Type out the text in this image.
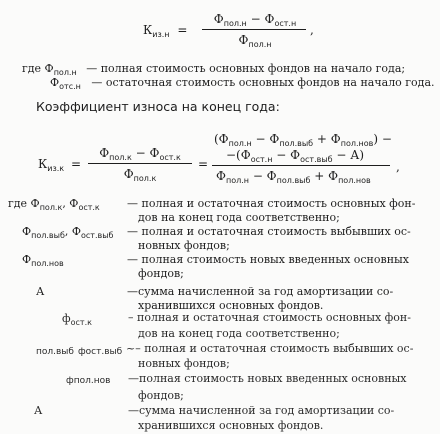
$К_{из.н}$ =
$Ф_{пол.н} - Ф_{ост.н}$
$Ф_{пол.н}$
,
где $Ф_{пол.н}$ — полная стоимость основных фондов на начало года;
$Ф_{отс.н}$ — остаточная стоимость основных фондов на начало года.
Коэффициент износа на конец года:
$К_{из.к}$ =
$Ф_{пол.к} - Ф_{ост.к}$
$Ф_{пол.к}$
=
$(Ф_{пол.н} - Ф_{пол.выб} + Ф_{пол.нов})$ −
$-(Ф_{ост.н} - Ф_{ост.выб} - А)$
$Ф_{пол.н} - Ф_{пол.выб} + Ф_{пол.нов}$
,
где $Ф_{пол.к}$, $Ф_{ост.к}$ — полная и остаточная стоимость основных фон-
дов на конец года соответственно;
$Ф_{пол.выб}$, $Ф_{ост.выб}$ — полная и остаточная стоимость выбывших ос-
новных фондов;
$Ф_{пол.нов}$	— полная стоимость новых введенных основных
фондов;
А	—сумма начисленной за год амортизации со-
хранившихся основных фондов.
$ф_{ост.к}$	– полная и остаточная стоимость основных фон-
дов на конец года соответственно;
пол.выб фост.выб ~– полная и остаточная стоимость выбывших ос-
новных фондов;
фпол.нов —полная стоимость новых введенных основных
фондов;
А	—сумма начисленной за год амортизации со-
хранившихся основных фондов.
